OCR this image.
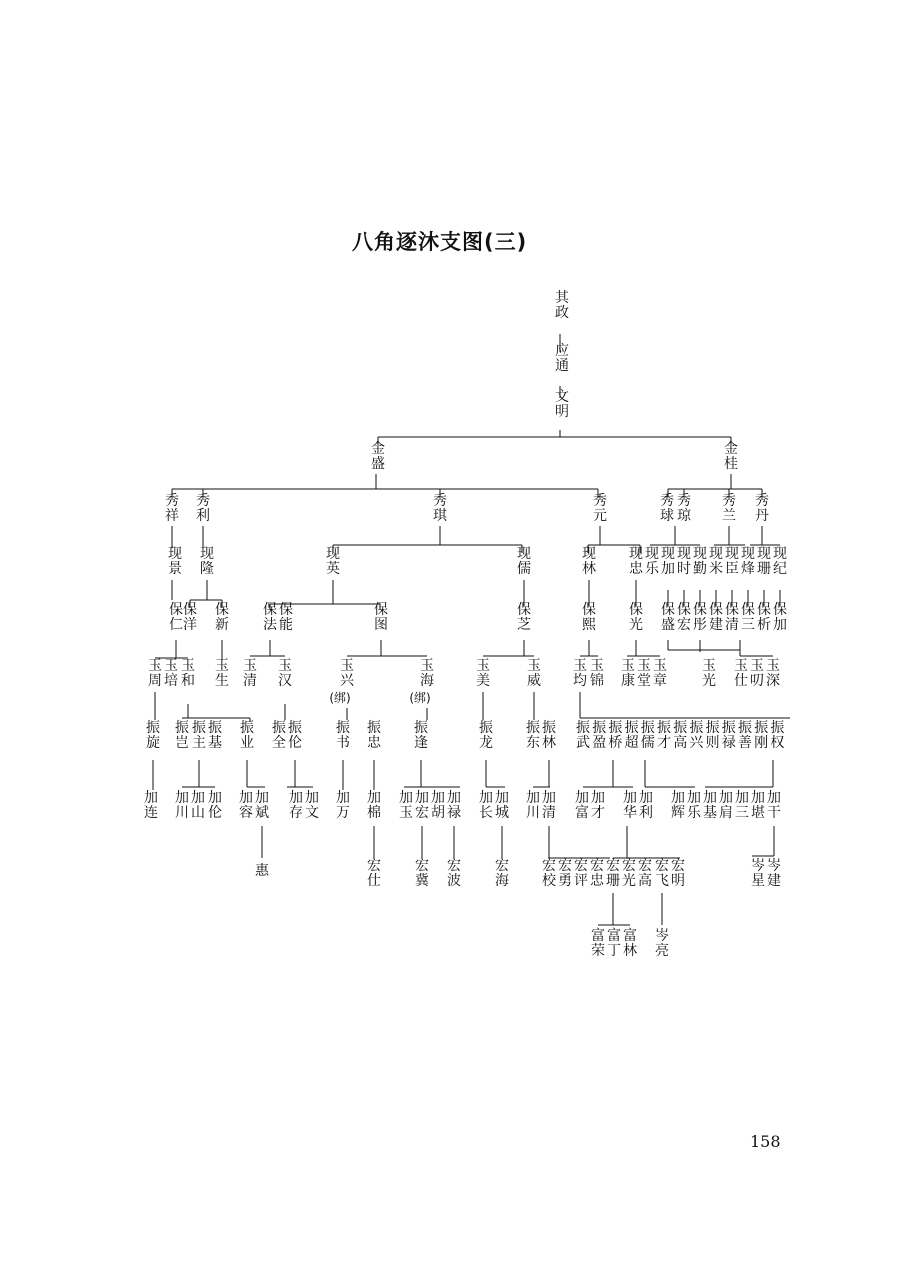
八角逐沐支图(三)
其
政
应
通
文
明
金
盛
金
桂
秀
祥
秀
利
秀
琪
秀
元
秀
球
秀
琼
秀
兰
秀
丹
现
景
现
隆
现
英
现
儒
现
林
现
忠
现
乐
现
加
现
时
现
勤
现
米
现
臣
现
烽
现
珊
现
纪
保
仁
保
洋
保
新
保
法
保
能
保
图
保
芝
保
熙
保
光
保
盛
保
宏
保
彤
保
建
保
清
保
三
保
析
保
加
玉
周
玉
培
玉
和
玉
生
玉
清
玉
汉
玉
兴
玉
海
(绑)	(绑)
玉
美
玉
威
玉
均
玉
锦
玉
康
玉
堂
玉
章
玉
光
玉
仕
玉
叨
玉
深
振
旋
振
岂
振
主
振
基
振
业
振
全
振
伦
振
书
振
忠
振
逢
振
龙
振
东
振
林
振
武
振
盈
振
桥
振
超
振
儒
振
才
振
高
振
兴
振
则
振
禄
振
善
振
刚
振
权
加
连
加
川
加
山
加
伦
加
容
加
斌
加
存
加
文
加
万
加
棉
加
玉
加
宏
加
胡
加
禄
加
长
加
城
加
川
加
清
加
富
加
才
加
华
加
利
加
辉
加
乐
加
基
加
肩
加
三
加
堪
加
干
惠	宏
仕
宏
冀
宏
波
宏
海
宏
校
宏
勇
宏
评
宏
忠
宏
珊
宏
光
宏
高
宏
飞
宏
明
岑
星
岑
建
富
荣
富
丁
富
林
岑
亮
158
